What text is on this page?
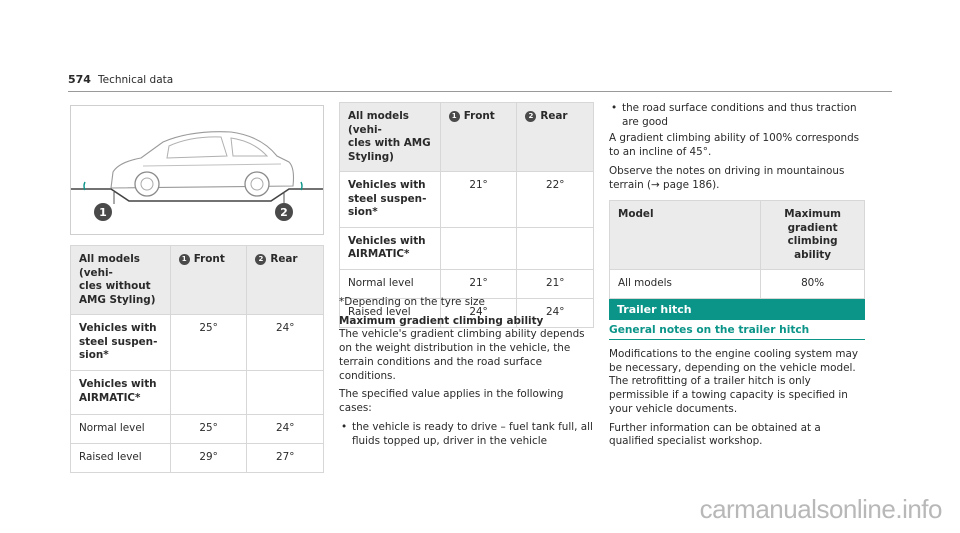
574 Technical data
1	2
All models (vehi-
cles without
AMG Styling)	1 Front	2 Rear
Vehicles with
steel suspen-
sion*	25°	24°
Vehicles with
AIRMATIC*		
Normal level	25°	24°
Raised level	29°	27°
All models (vehi-
cles with AMG
Styling)	1 Front	2 Rear
Vehicles with
steel suspen-
sion*	21°	22°
Vehicles with
AIRMATIC*		
Normal level	21°	21°
Raised level	24°	24°

*Depending on the tyre size

Maximum gradient climbing ability

The vehicle's gradient climbing ability depends on the weight distribution in the vehicle, the terrain conditions and the road surface conditions.

The specified value applies in the following cases:

• the vehicle is ready to drive – fuel tank full, all fluids topped up, driver in the vehicle
• the road surface conditions and thus traction are good

A gradient climbing ability of 100% corresponds to an incline of 45°.

Observe the notes on driving in mountainous terrain (→ page 186).

Model	Maximum gradient climbing ability
All models	80%
Trailer hitch
General notes on the trailer hitch

Modifications to the engine cooling system may be necessary, depending on the vehicle model. The retrofitting of a trailer hitch is only permissible if a towing capacity is specified in your vehicle documents.

Further information can be obtained at a qualified specialist workshop.

carmanualsonline.info
